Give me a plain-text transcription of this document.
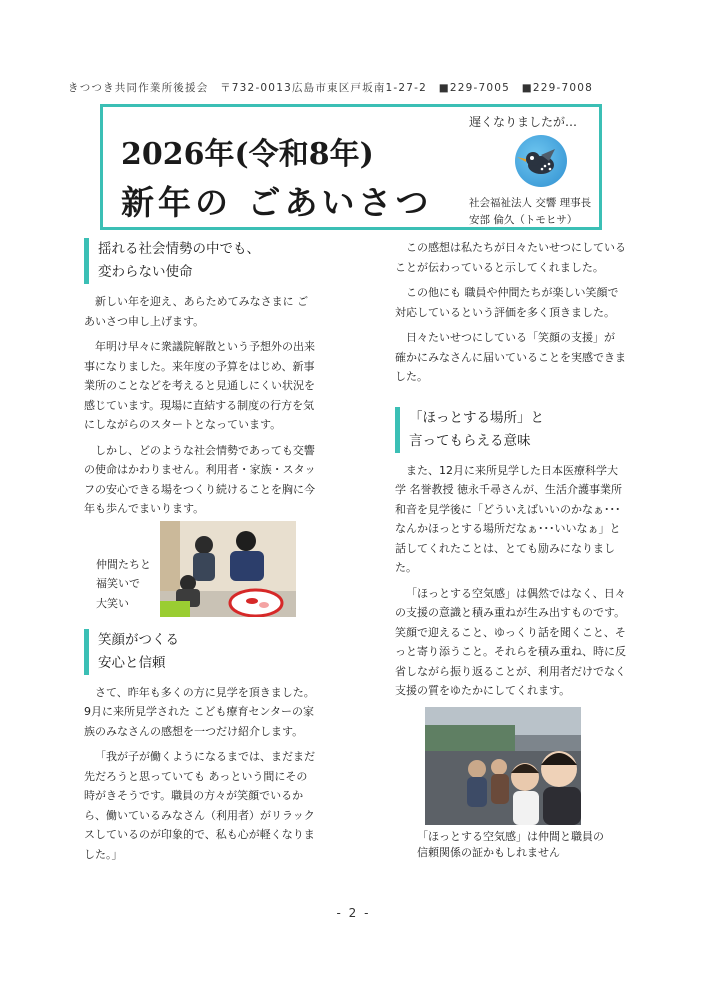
きつつき共同作業所後援会　〒732-0013広島市東区戸坂南1-27-2　■229-7005　■229-7008
2026年(令和8年)
新年の ごあいさつ
遅くなりましたが…
社会福祉法人 交響 理事長
安部 倫久（トモヒサ）
揺れる社会情勢の中でも、
変わらない使命

新しい年を迎え、あらためてみなさまに ごあいさつ申し上げます。

年明け早々に衆議院解散という予想外の出来事になりました。来年度の予算をはじめ、新事業所のことなどを考えると見通しにくい状況を感じています。現場に直結する制度の行方を気にしながらのスタートとなっています。

しかし、どのような社会情勢であっても交響の使命はかわりません。利用者・家族・スタッフの安心できる場をつくり続けることを胸に今年も歩んでまいります。

仲間たちと
福笑いで
大笑い
笑顔がつくる
安心と信頼

さて、昨年も多くの方に見学を頂きました。9月に来所見学された こども療育センターの家族のみなさんの感想を一つだけ紹介します。

「我が子が働くようになるまでは、まだまだ先だろうと思っていても あっという間にその時がきそうです。職員の方々が笑顔でいるから、働いているみなさん（利用者）がリラックスしているのが印象的で、私も心が軽くなりました。」

この感想は私たちが日々たいせつにしていることが伝わっていると示してくれました。

この他にも 職員や仲間たちが楽しい笑顔で対応しているという評価を多く頂きました。

日々たいせつにしている「笑顔の支援」が 確かにみなさんに届いていることを実感できました。

「ほっとする場所」と
言ってもらえる意味

また、12月に来所見学した日本医療科学大学 名誉教授 徳永千尋さんが、生活介護事業所 和音を見学後に「どういえばいいのかなぁ･･･なんかほっとする場所だなぁ･･･いいなぁ」と話してくれたことは、とても励みになりました。

「ほっとする空気感」は偶然ではなく、日々の支援の意識と積み重ねが生み出すものです。笑顔で迎えること、ゆっくり話を聞くこと、そっと寄り添うこと。それらを積み重ね、時に反省しながら振り返ることが、利用者だけでなく支援の質をゆたかにしてくれます。

「ほっとする空気感」は仲間と職員の
信頼関係の証かもしれません
- 2 -
